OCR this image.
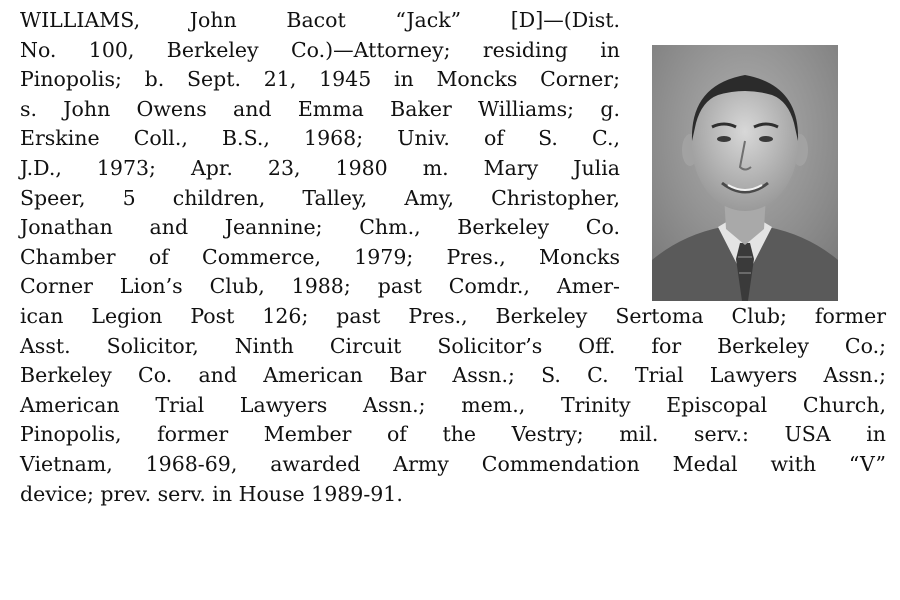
WILLIAMS, John Bacot “Jack” [D]—(Dist.
No. 100, Berkeley Co.)—Attorney; residing in
Pinopolis; b. Sept. 21, 1945 in Moncks Corner;
s. John Owens and Emma Baker Williams; g.
Erskine Coll., B.S., 1968; Univ. of S. C.,
J.D., 1973; Apr. 23, 1980 m. Mary Julia
Speer, 5 children, Talley, Amy, Christopher,
Jonathan and Jeannine; Chm., Berkeley Co.
Chamber of Commerce, 1979; Pres., Moncks
Corner Lion’s Club, 1988; past Comdr., Amer-
ican Legion Post 126; past Pres., Berkeley Sertoma Club; former
Asst. Solicitor, Ninth Circuit Solicitor’s Off. for Berkeley Co.;
Berkeley Co. and American Bar Assn.; S. C. Trial Lawyers Assn.;
American Trial Lawyers Assn.; mem., Trinity Episcopal Church,
Pinopolis, former Member of the Vestry; mil. serv.: USA in
Vietnam, 1968-69, awarded Army Commendation Medal with “V”
device; prev. serv. in House 1989-91.
